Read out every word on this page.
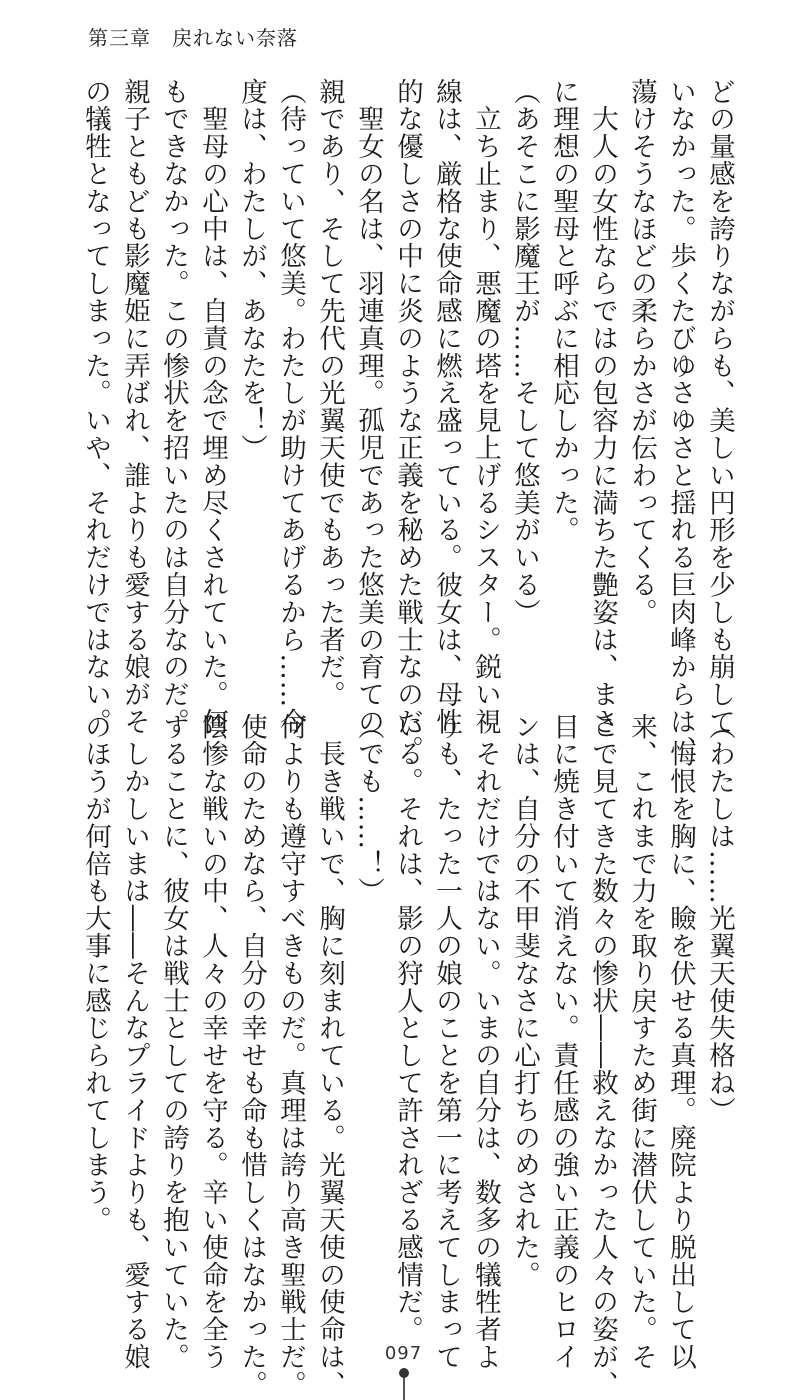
第三章　戻れない奈落
どの量感を誇りながらも、美しい円形を少しも崩して
いなかった。歩くたびゆさゆさと揺れる巨肉峰からは、
蕩けそうなほどの柔らかさが伝わってくる。
　大人の女性ならではの包容力に満ちた艶姿は、まさ
に理想の聖母と呼ぶに相応しかった。
（あそこに影魔王が……そして悠美がいる）
　立ち止まり、悪魔の塔を見上げるシスター。鋭い視
線は、厳格な使命感に燃え盛っている。彼女は、母性
的な優しさの中に炎のような正義を秘めた戦士なのだ。
　聖女の名は、羽連真理。孤児であった悠美の育ての
親であり、そして先代の光翼天使でもあった者だ。
（待っていて悠美。わたしが助けてあげるから……今
度は、わたしが、あなたを！）
　聖母の心中は、自責の念で埋め尽くされていた。何
もできなかった。この惨状を招いたのは自分なのだ。
親子ともども影魔姫に弄ばれ、誰よりも愛する娘がそ
の犠牲となってしまった。いや、それだけではない。
（わたしは……光翼天使失格ね）
　悔恨を胸に、瞼を伏せる真理。廃院より脱出して以
来、これまで力を取り戻すため街に潜伏していた。そ
こで見てきた数々の惨状――救えなかった人々の姿が、
目に焼き付いて消えない。責任感の強い正義のヒロイ
ンは、自分の不甲斐なさに心打ちのめされた。
　それだけではない。いまの自分は、数多の犠牲者よ
りも、たった一人の娘のことを第一に考えてしまって
いる。それは、影の狩人として許されざる感情だ。
（でも……！）
　長き戦いで、胸に刻まれている。光翼天使の使命は、
何よりも遵守すべきものだ。真理は誇り高き聖戦士だ。
使命のためなら、自分の幸せも命も惜しくはなかった。
陰惨な戦いの中、人々の幸せを守る。辛い使命を全う
することに、彼女は戦士としての誇りを抱いていた。
　しかしいまは――そんなプライドよりも、愛する娘
のほうが何倍も大事に感じられてしまう。
097
